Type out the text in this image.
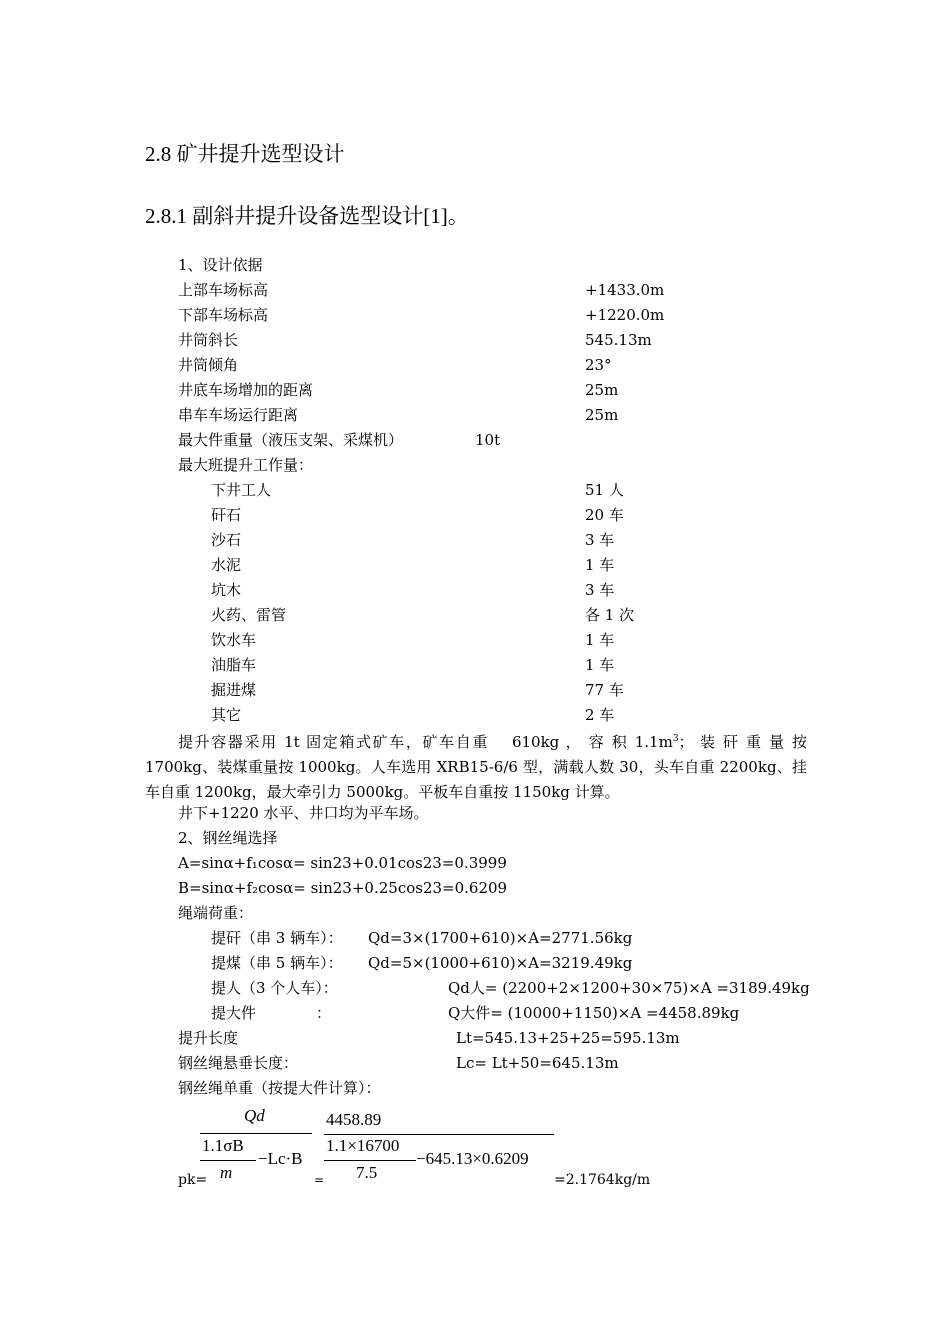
2.8 矿井提升选型设计
2.8.1 副斜井提升设备选型设计[1]。
1、设计依据
上部车场标高	+1433.0m
下部车场标高	+1220.0m
井筒斜长	545.13m
井筒倾角	23°
井底车场增加的距离	25m
串车车场运行距离	25m
最大件重量（液压支架、采煤机）	10t
最大班提升工作量：
下井工人	51 人
矸石	20 车
沙石	3 车
水泥	1 车
坑木	3 车
火药、雷管	各 1 次
饮水车	1 车
油脂车	1 车
掘进煤	77 车
其它	2 车
提升容器采用 1t 固定箱式矿车，矿车自重　 610kg ， 容 积 $1.1m^3$； 装 矸 重 量 按 1700kg、装煤重量按 1000kg。人车选用 XRB15-6/6 型，满载人数 30，头车自重 2200kg、挂车自重 1200kg，最大牵引力 5000kg。平板车自重按 1150kg 计算。
井下+1220 水平、井口均为平车场。
2、钢丝绳选择
A=sinα+f₁cosα= sin23+0.01cos23=0.3999
B=sinα+f₂cosα= sin23+0.25cos23=0.6209
绳端荷重：
提矸（串 3 辆车）： Qd=3×(1700+610)×A=2771.56kg
提煤（串 5 辆车）： Qd=5×(1000+610)×A=3219.49kg
提人（3 个人车）：	Qd人= (2200+2×1200+30×75)×A =3189.49kg
提大件　　　　：	Q大件= (10000+1150)×A =4458.89kg
提升长度	Lt=545.13+25+25=595.13m
钢丝绳悬垂长度：	Lc= Lt+50=645.13m
钢丝绳单重（按提大件计算）：
pk=
Qd
1.1σB
m
−Lc·B
=
4458.89
1.1×16700
7.5
−645.13×0.6209
=2.1764kg/m
